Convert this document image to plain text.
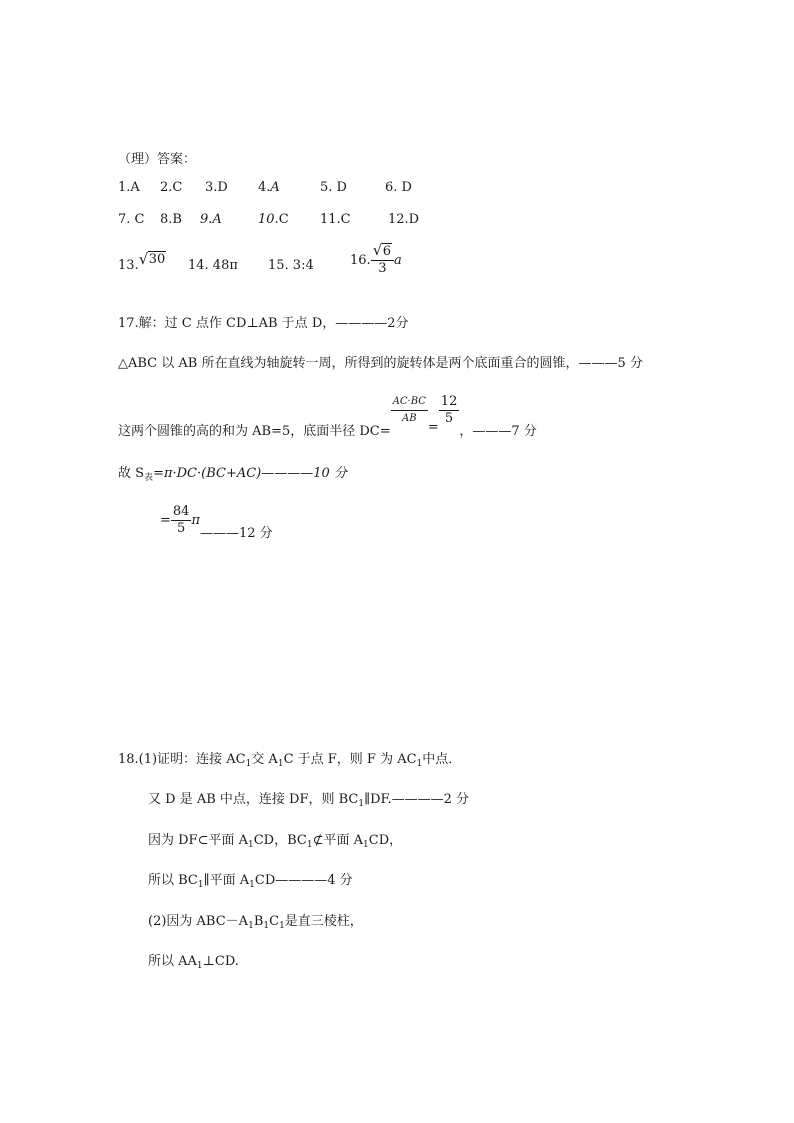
（理）答案：
1.A 2.C 3.D 4.A	5. D	6. D
7. C 8.B 9.A	10.C 11.C	12.D
13. √ 30 14. 48π 15. 3:4	16. $\frac{√ 6}{3}$ a
17.解：过 C 点作 CD⊥AB 于点 D，————2分
△ABC 以 AB 所在直线为轴旋转一周，所得到的旋转体是两个底面重合的圆锥，———5 分
这两个圆锥的高的和为 AB=5，底面半径 DC=
$\frac{AC\cdot BC}{AB}$
=
$\frac{12}{5}$
，———7 分
故 $S_表=\pi\cdot DC\cdot(BC+AC)————10$ 分
= $\frac{84}{5}$ π———12 分
18.(1)证明：连接 $AC_1$交 $A_1C$ 于点 F，则 F 为 $AC_1$中点．
又 D 是 AB 中点，连接 DF，则 $BC_1\parallel DF.————2$ 分
因为 DF⊂平面 $A_1CD$，$BC_1⊄$平面 $A_1CD$，
所以 $BC_1\parallel$平面 $A_1CD————4$ 分
(2)因为 $ABC-A_1B_1C_1$是直三棱柱，
所以 $AA_1\perp CD$.
